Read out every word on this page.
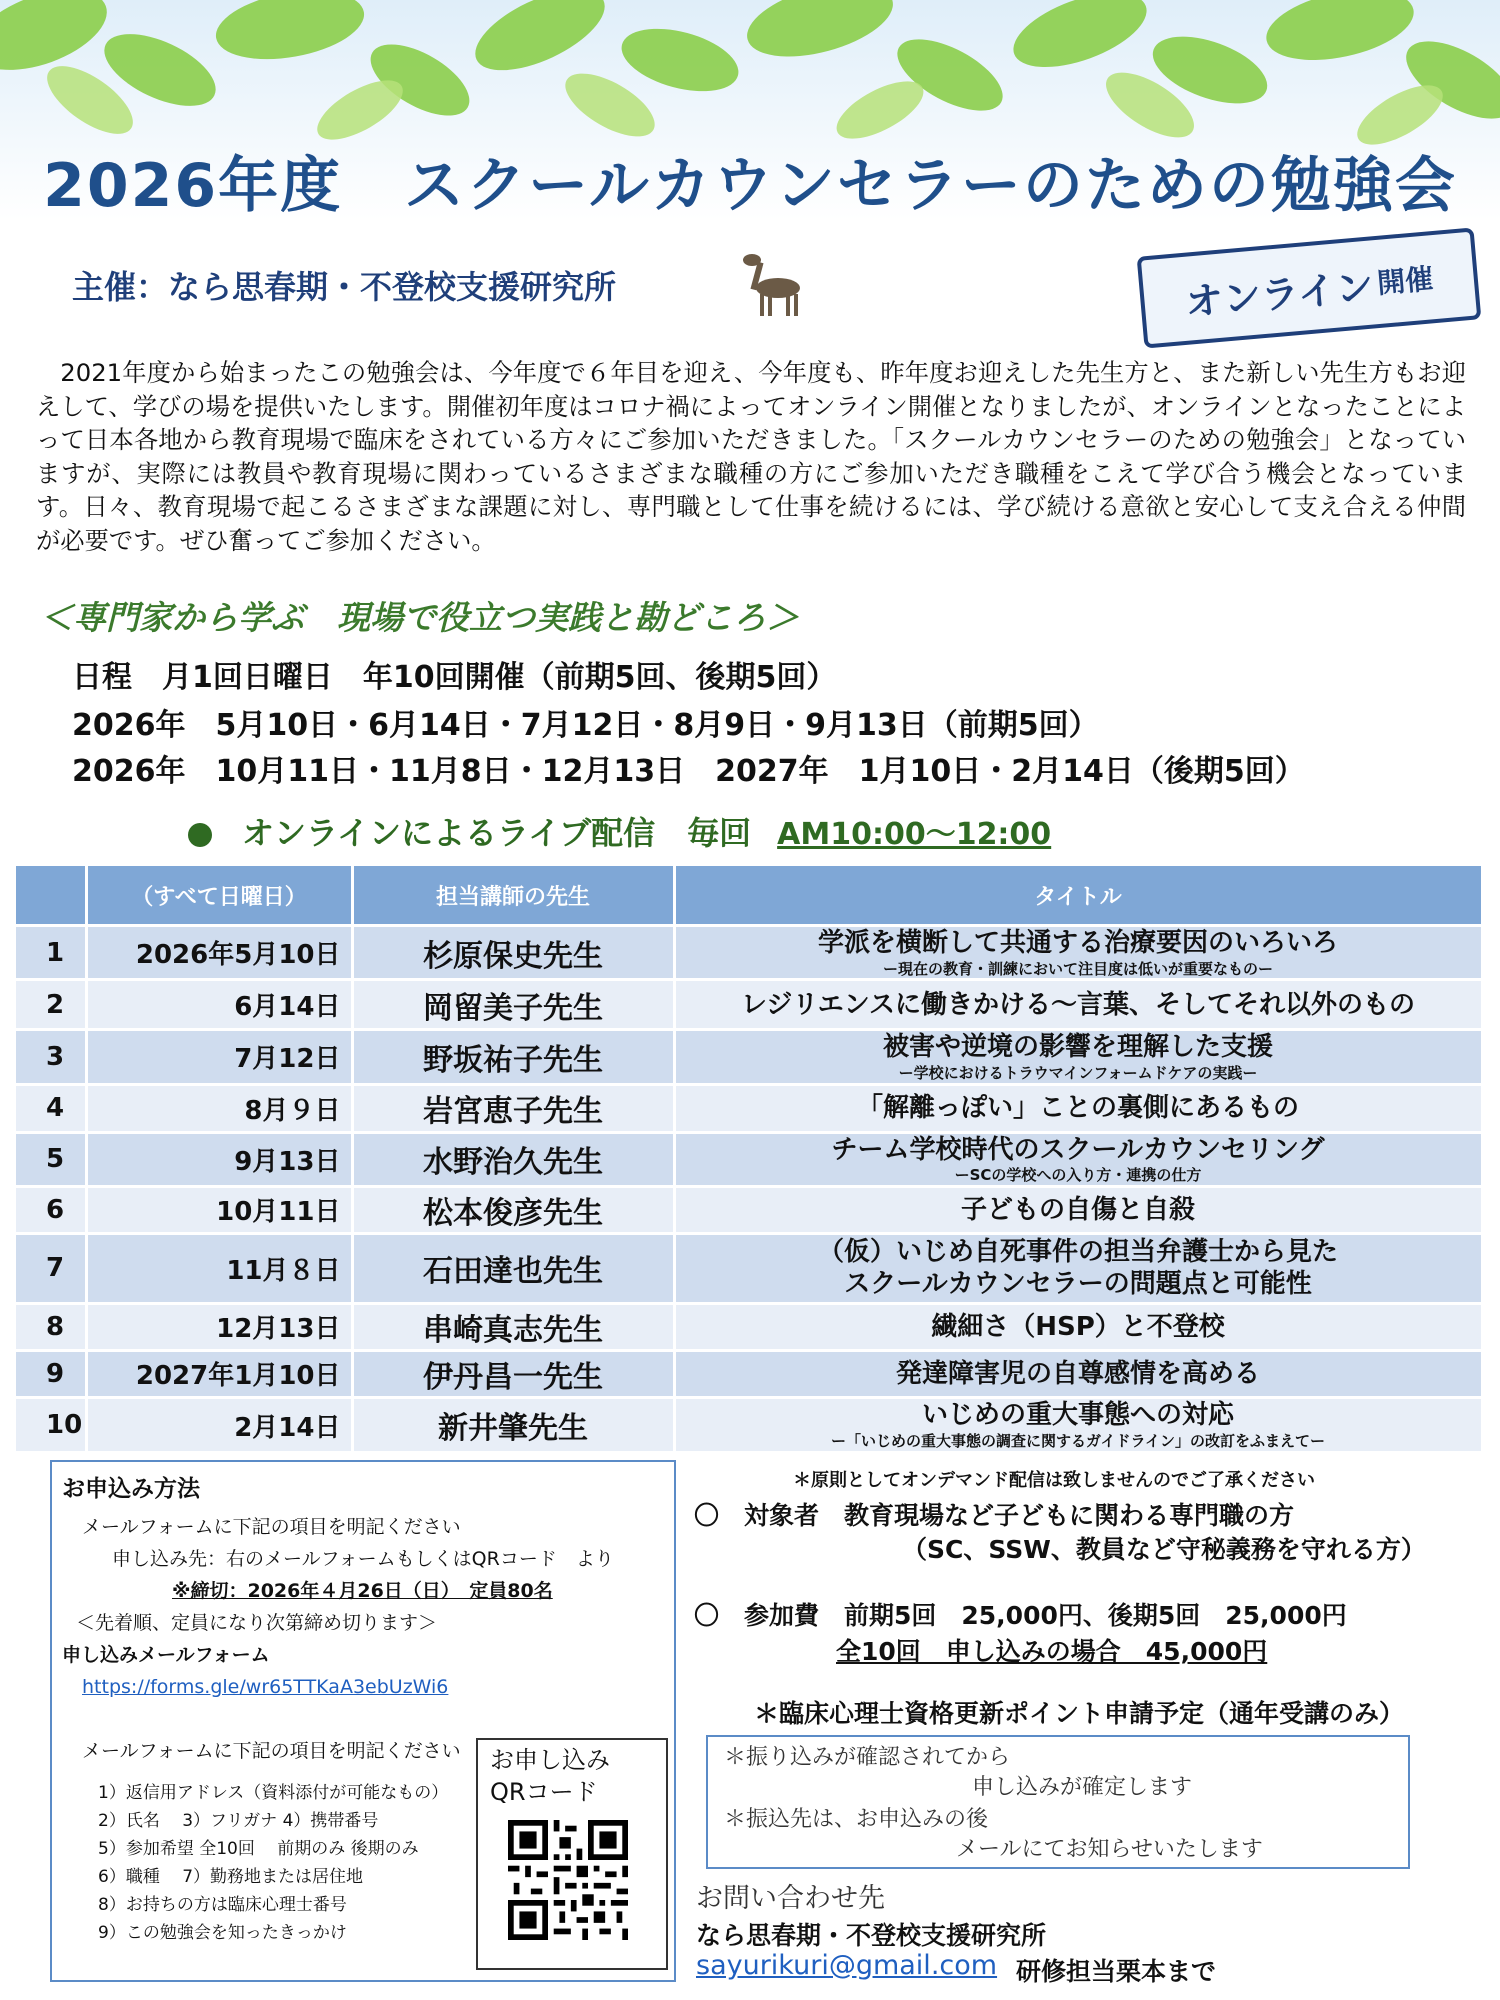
2026年度　スクールカウンセラーのための勉強会
主催：なら思春期・不登校支援研究所	オンライン 開催
2021年度から始まったこの勉強会は、今年度で６年目を迎え、今年度も、昨年度お迎えした先生方と、また新しい先生方もお迎えして、学びの場を提供いたします。開催初年度はコロナ禍によってオンライン開催となりましたが、オンラインとなったことによって日本各地から教育現場で臨床をされている方々にご参加いただきました。「スクールカウンセラーのための勉強会」となっていますが、実際には教員や教育現場に関わっているさまざまな職種の方にご参加いただき職種をこえて学び合う機会となっています。日々、教育現場で起こるさまざまな課題に対し、専門職として仕事を続けるには、学び続ける意欲と安心して支え合える仲間が必要です。ぜひ奮ってご参加ください。
＜専門家から学ぶ　現場で役立つ実践と勘どころ＞
日程　月1回日曜日　年10回開催（前期5回、後期5回）
2026年　5月10日・6月14日・7月12日・8月9日・9月13日（前期5回）
2026年　10月11日・11月8日・12月13日　2027年　1月10日・2月14日（後期5回）
オンラインによるライブ配信　毎回 AM10:00～12:00
	（すべて日曜日）	担当講師の先生	タイトル
1	2026年5月10日	杉原保史先生	学派を横断して共通する治療要因のいろいろ
ー現在の教育・訓練において注目度は低いが重要なものー

2	6月14日	岡留美子先生	レジリエンスに働きかける～言葉、そしてそれ以外のもの
3	7月12日	野坂祐子先生	被害や逆境の影響を理解した支援
ー学校におけるトラウマインフォームドケアの実践ー

4	8月９日	岩宮恵子先生	「解離っぽい」ことの裏側にあるもの
5	9月13日	水野治久先生	チーム学校時代のスクールカウンセリング
ーSCの学校への入り方・連携の仕方

6	10月11日	松本俊彦先生	子どもの自傷と自殺
7	11月８日	石田達也先生	（仮）いじめ自死事件の担当弁護士から見た
スクールカウンセラーの問題点と可能性
8	12月13日	串崎真志先生	繊細さ（HSP）と不登校
9	2027年1月10日	伊丹昌一先生	発達障害児の自尊感情を高める
10	2月14日	新井肇先生	いじめの重大事態への対応
ー「いじめの重大事態の調査に関するガイドライン」の改訂をふまえてー
お申込み方法
メールフォームに下記の項目を明記ください
申し込み先：右のメールフォームもしくはQRコード　より
※締切：2026年４月26日（日）　定員80名
＜先着順、定員になり次第締め切ります＞
申し込みメールフォーム
https://forms.gle/wr65TTKaA3ebUzWi6
メールフォームに下記の項目を明記ください
1）返信用アドレス（資料添付が可能なもの）
2）氏名　 3）フリガナ 4）携帯番号
5）参加希望 全10回　 前期のみ 後期のみ
6）職種　 7）勤務地または居住地
8）お持ちの方は臨床心理士番号
9）この勉強会を知ったきっかけ
お申し込み
QRコード
＊原則としてオンデマンド配信は致しませんのでご了承ください
〇　対象者　教育現場など子どもに関わる専門職の方
（SC、SSW、教員など守秘義務を守れる方）
〇　参加費　前期5回　25,000円、後期5回　25,000円
全10回　申し込みの場合　45,000円
＊臨床心理士資格更新ポイント申請予定（通年受講のみ）
＊振り込みが確認されてから
申し込みが確定します
＊振込先は、お申込みの後
メールにてお知らせいたします
お問い合わせ先
なら思春期・不登校支援研究所
sayurikuri@gmail.com 研修担当栗本まで
